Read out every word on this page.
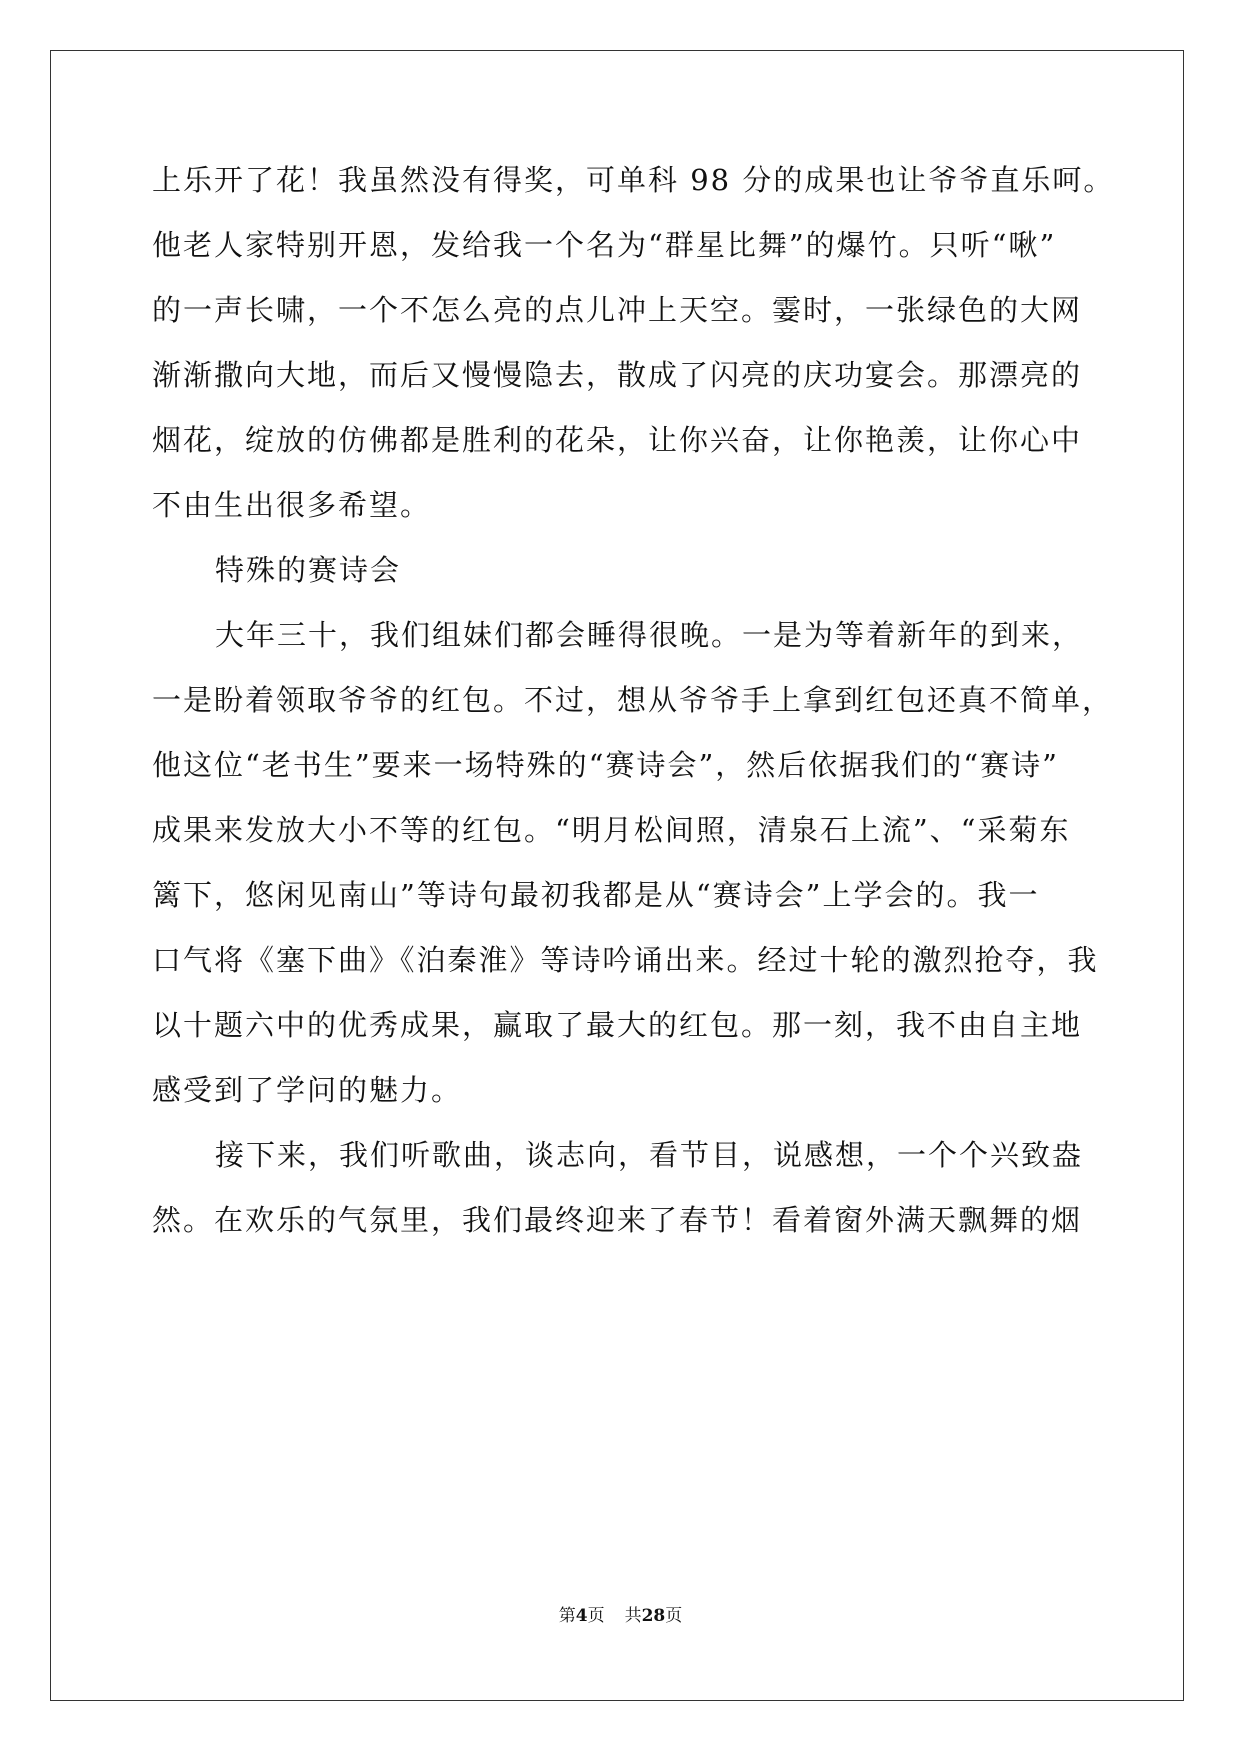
上乐开了花！我虽然没有得奖，可单科 98 分的成果也让爷爷直乐呵。
他老人家特别开恩，发给我一个名为“群星比舞”的爆竹。只听“啾”
的一声长啸，一个不怎么亮的点儿冲上天空。霎时，一张绿色的大网
渐渐撒向大地，而后又慢慢隐去，散成了闪亮的庆功宴会。那漂亮的
烟花，绽放的仿佛都是胜利的花朵，让你兴奋，让你艳羡，让你心中
不由生出很多希望。
特殊的赛诗会
大年三十，我们组妹们都会睡得很晚。一是为等着新年的到来，
一是盼着领取爷爷的红包。不过，想从爷爷手上拿到红包还真不简单，
他这位“老书生”要来一场特殊的“赛诗会”，然后依据我们的“赛诗”
成果来发放大小不等的红包。“明月松间照，清泉石上流”、“采菊东
篱下，悠闲见南山”等诗句最初我都是从“赛诗会”上学会的。我一
口气将《塞下曲》《泊秦淮》等诗吟诵出来。经过十轮的激烈抢夺，我
以十题六中的优秀成果，赢取了最大的红包。那一刻，我不由自主地
感受到了学问的魅力。
接下来，我们听歌曲，谈志向，看节目，说感想，一个个兴致盎
然。在欢乐的气氛里，我们最终迎来了春节！看着窗外满天飘舞的烟
第4页 共28页
